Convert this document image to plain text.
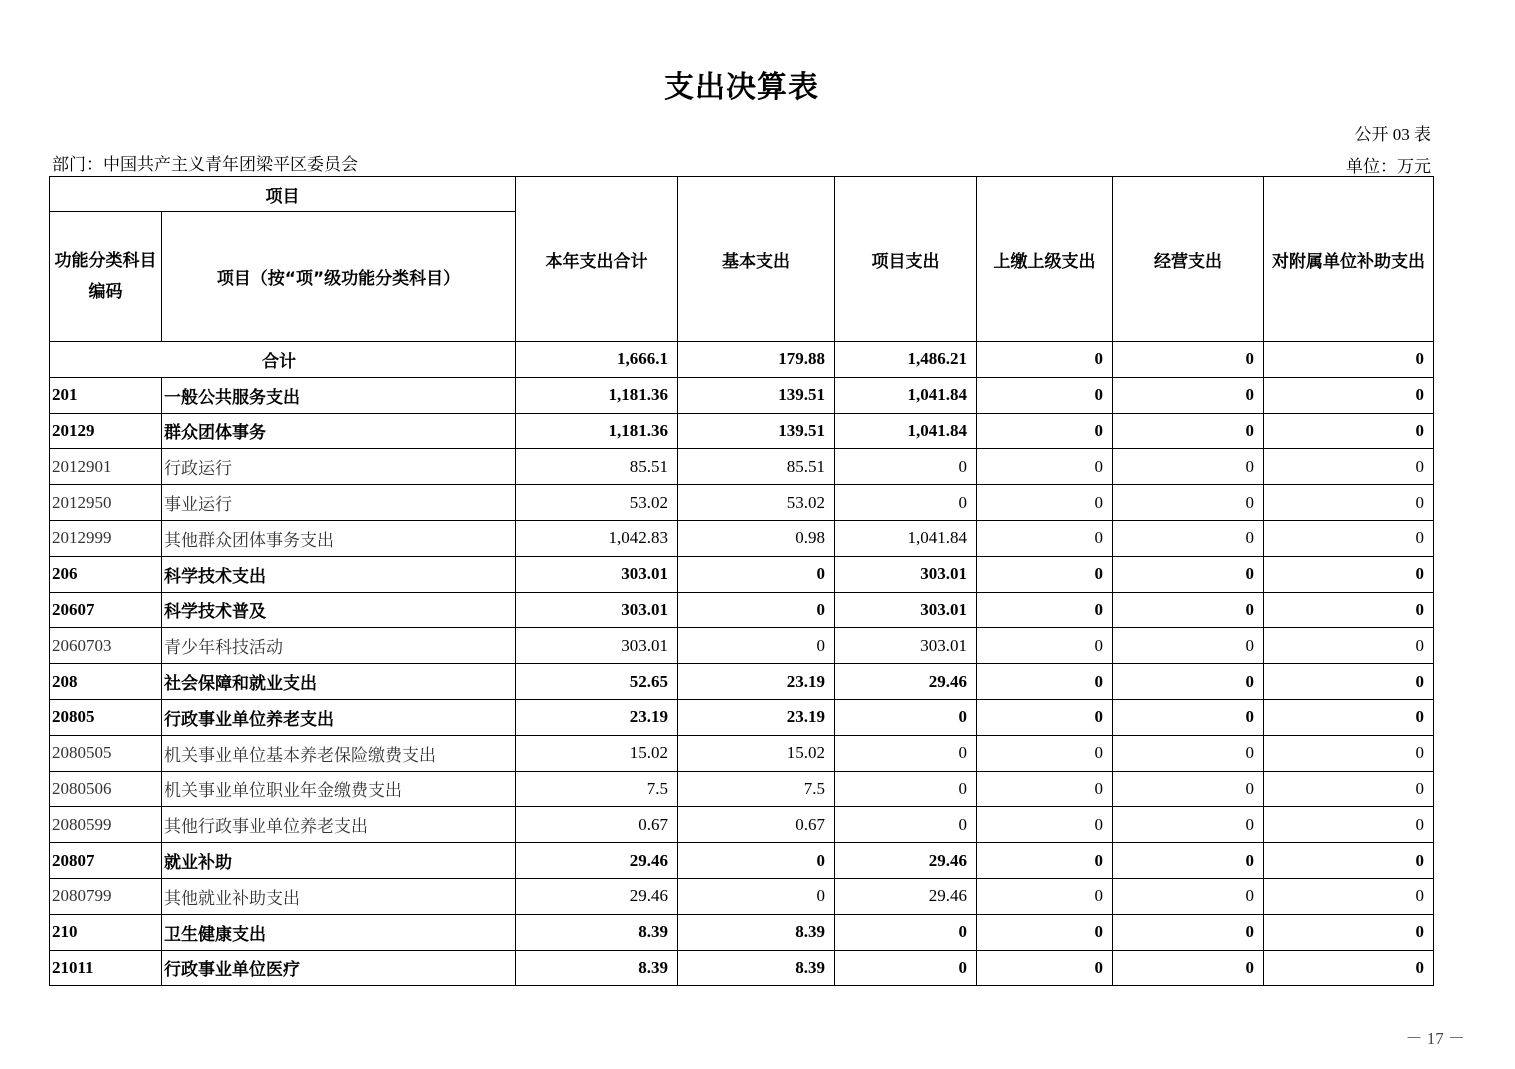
支出决算表
公开 03 表
部门：中国共产主义青年团梁平区委员会	单位：万元
项目		本年支出合计	基本支出	项目支出	上缴上级支出	经营支出	对附属单位补助支出
功能分类科目编码	项目（按“项”级功能分类科目）						
合计		1,666.1	179.88	1,486.21	0	0	0
201	一般公共服务支出	1,181.36	139.51	1,041.84	0	0	0
20129	群众团体事务	1,181.36	139.51	1,041.84	0	0	0
2012901	行政运行	85.51	85.51	0	0	0	0
2012950	事业运行	53.02	53.02	0	0	0	0
2012999	其他群众团体事务支出	1,042.83	0.98	1,041.84	0	0	0
206	科学技术支出	303.01	0	303.01	0	0	0
20607	科学技术普及	303.01	0	303.01	0	0	0
2060703	青少年科技活动	303.01	0	303.01	0	0	0
208	社会保障和就业支出	52.65	23.19	29.46	0	0	0
20805	行政事业单位养老支出	23.19	23.19	0	0	0	0
2080505	机关事业单位基本养老保险缴费支出	15.02	15.02	0	0	0	0
2080506	机关事业单位职业年金缴费支出	7.5	7.5	0	0	0	0
2080599	其他行政事业单位养老支出	0.67	0.67	0	0	0	0
20807	就业补助	29.46	0	29.46	0	0	0
2080799	其他就业补助支出	29.46	0	29.46	0	0	0
210	卫生健康支出	8.39	8.39	0	0	0	0
21011	行政事业单位医疗	8.39	8.39	0	0	0	0
－ 17 －
